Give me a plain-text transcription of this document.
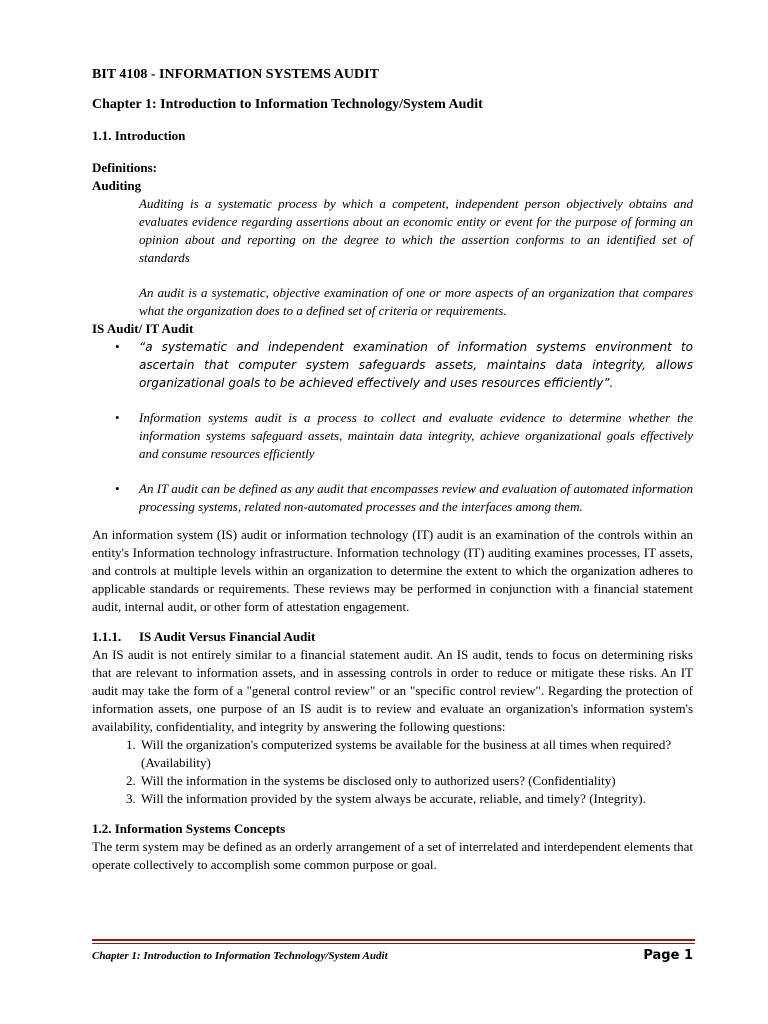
BIT 4108 - INFORMATION SYSTEMS AUDIT

Chapter 1: Introduction to Information Technology/System Audit

1.1. Introduction

Definitions:

Auditing

Auditing is a systematic process by which a competent, independent person objectively obtains and evaluates evidence regarding assertions about an economic entity or event for the purpose of forming an opinion about and reporting on the degree to which the assertion conforms to an identified set of standards

An audit is a systematic, objective examination of one or more aspects of an organization that compares what the organization does to a defined set of criteria or requirements.

IS Audit/ IT Audit

• “a systematic and independent examination of information systems environment to ascertain that computer system safeguards assets, maintains data integrity, allows organizational goals to be achieved effectively and uses resources efficiently”.
• Information systems audit is a process to collect and evaluate evidence to determine whether the information systems safeguard assets, maintain data integrity, achieve organizational goals effectively and consume resources efficiently
• An IT audit can be defined as any audit that encompasses review and evaluation of automated information processing systems, related non-automated processes and the interfaces among them.

An information system (IS) audit or information technology (IT) audit is an examination of the controls within an entity's Information technology infrastructure. Information technology (IT) auditing examines processes, IT assets, and controls at multiple levels within an organization to determine the extent to which the organization adheres to applicable standards or requirements. These reviews may be performed in conjunction with a financial statement audit, internal audit, or other form of attestation engagement.

1.1.1. IS Audit Versus Financial Audit

An IS audit is not entirely similar to a financial statement audit. An IS audit, tends to focus on determining risks that are relevant to information assets, and in assessing controls in order to reduce or mitigate these risks. An IT audit may take the form of a "general control review" or an "specific control review". Regarding the protection of information assets, one purpose of an IS audit is to review and evaluate an organization's information system's availability, confidentiality, and integrity by answering the following questions:

1. Will the organization's computerized systems be available for the business at all times when required? (Availability)
2. Will the information in the systems be disclosed only to authorized users? (Confidentiality)
3. Will the information provided by the system always be accurate, reliable, and timely? (Integrity).

1.2. Information Systems Concepts

The term system may be defined as an orderly arrangement of a set of interrelated and interdependent elements that operate collectively to accomplish some common purpose or goal.

Chapter 1: Introduction to Information Technology/System Audit	Page 1
